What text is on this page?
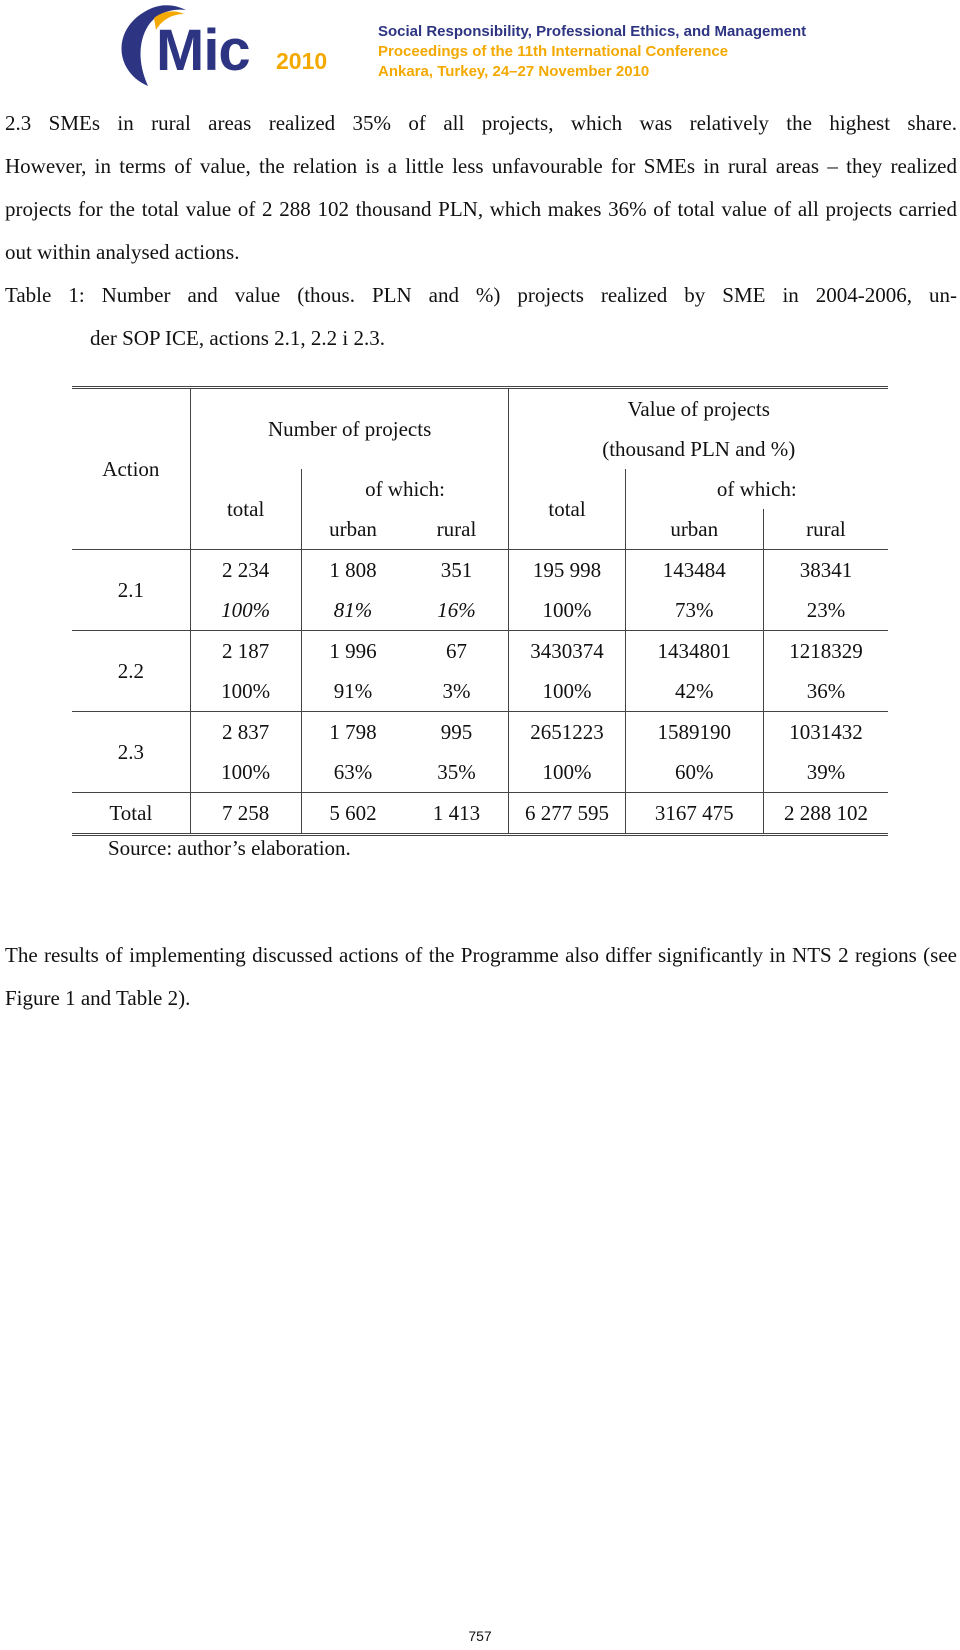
Mic 2010
Social Responsibility, Professional Ethics, and Management
Proceedings of the 11th International Conference
Ankara, Turkey, 24–27 November 2010

2.3 SMEs in rural areas realized 35% of all projects, which was relatively the highest share.

However, in terms of value, the relation is a little less unfavourable for SMEs in rural areas – they realized projects for the total value of 2 288 102 thousand PLN, which makes 36% of total value of all projects carried out within analysed actions.

Table 1: Number and value (thous. PLN and %) projects realized by SME in 2004-2006, un-
der SOP ICE, actions 2.1, 2.2 i 2.3.
Action	Number of projects			Value of projects		
				(thousand PLN and %)		
	total	of which:		total	of which:	
		urban	rural		urban	rural
2.1	2 234	1 808	351	195 998	143484	38341
	100%	81%	16%	100%	73%	23%
2.2	2 187	1 996	67	3430374	1434801	1218329
	100%	91%	3%	100%	42%	36%
2.3	2 837	1 798	995	2651223	1589190	1031432
	100%	63%	35%	100%	60%	39%
Total	7 258	5 602	1 413	6 277 595	3167 475	2 288 102
Source: author’s elaboration.

The results of implementing discussed actions of the Programme also differ significantly in NTS 2 regions (see Figure 1 and Table 2).

757
